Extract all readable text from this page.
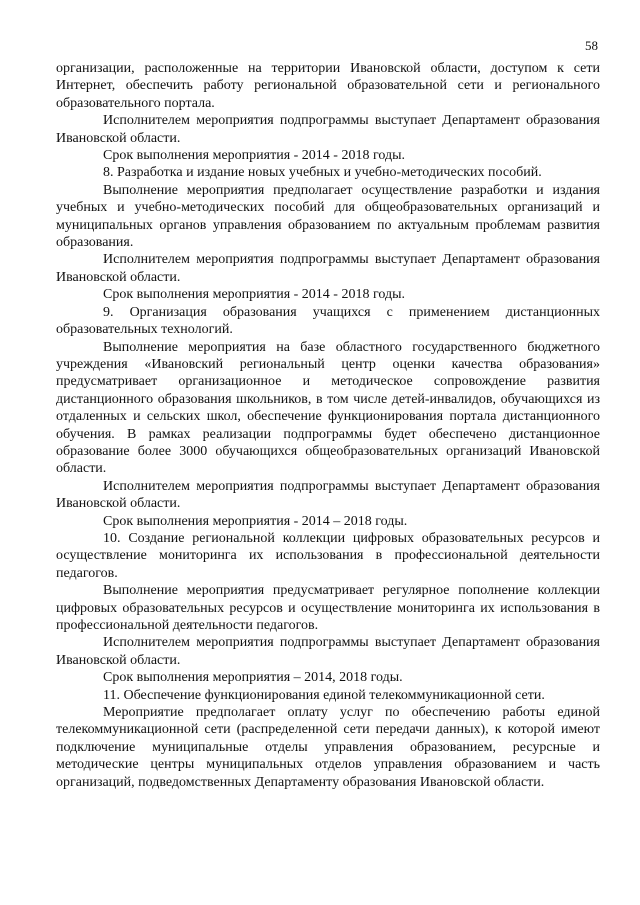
58

организации, расположенные на территории Ивановской области, доступом к сети Интернет, обеспечить работу региональной образовательной сети и регионального образовательного портала.

Исполнителем мероприятия подпрограммы выступает Департамент образования Ивановской области.

Срок выполнения мероприятия - 2014 - 2018 годы.

8. Разработка и издание новых учебных и учебно-методических пособий.

Выполнение мероприятия предполагает осуществление разработки и издания учебных и учебно-методических пособий для общеобразовательных организаций и муниципальных органов управления образованием по актуальным проблемам развития образования.

Исполнителем мероприятия подпрограммы выступает Департамент образования Ивановской области.

Срок выполнения мероприятия - 2014 - 2018 годы.

9. Организация образования учащихся с применением дистанционных образовательных технологий.

Выполнение мероприятия на базе областного государственного бюджетного учреждения «Ивановский региональный центр оценки качества образования» предусматривает организационное и методическое сопровождение развития дистанционного образования школьников, в том числе детей-инвалидов, обучающихся из отдаленных и сельских школ, обеспечение функционирования портала дистанционного обучения. В рамках реализации подпрограммы будет обеспечено дистанционное образование более 3000 обучающихся общеобразовательных организаций Ивановской области.

Исполнителем мероприятия подпрограммы выступает Департамент образования Ивановской области.

Срок выполнения мероприятия - 2014 – 2018 годы.

10. Создание региональной коллекции цифровых образовательных ресурсов и осуществление мониторинга их использования в профессиональной деятельности педагогов.

Выполнение мероприятия предусматривает регулярное пополнение коллекции цифровых образовательных ресурсов и осуществление мониторинга их использования в профессиональной деятельности педагогов.

Исполнителем мероприятия подпрограммы выступает Департамент образования Ивановской области.

Срок выполнения мероприятия – 2014, 2018 годы.

11. Обеспечение функционирования единой телекоммуникационной сети.

Мероприятие предполагает оплату услуг по обеспечению работы единой телекоммуникационной сети (распределенной сети передачи данных), к которой имеют подключение муниципальные отделы управления образованием, ресурсные и методические центры муниципальных отделов управления образованием и часть организаций, подведомственных Департаменту образования Ивановской области.
